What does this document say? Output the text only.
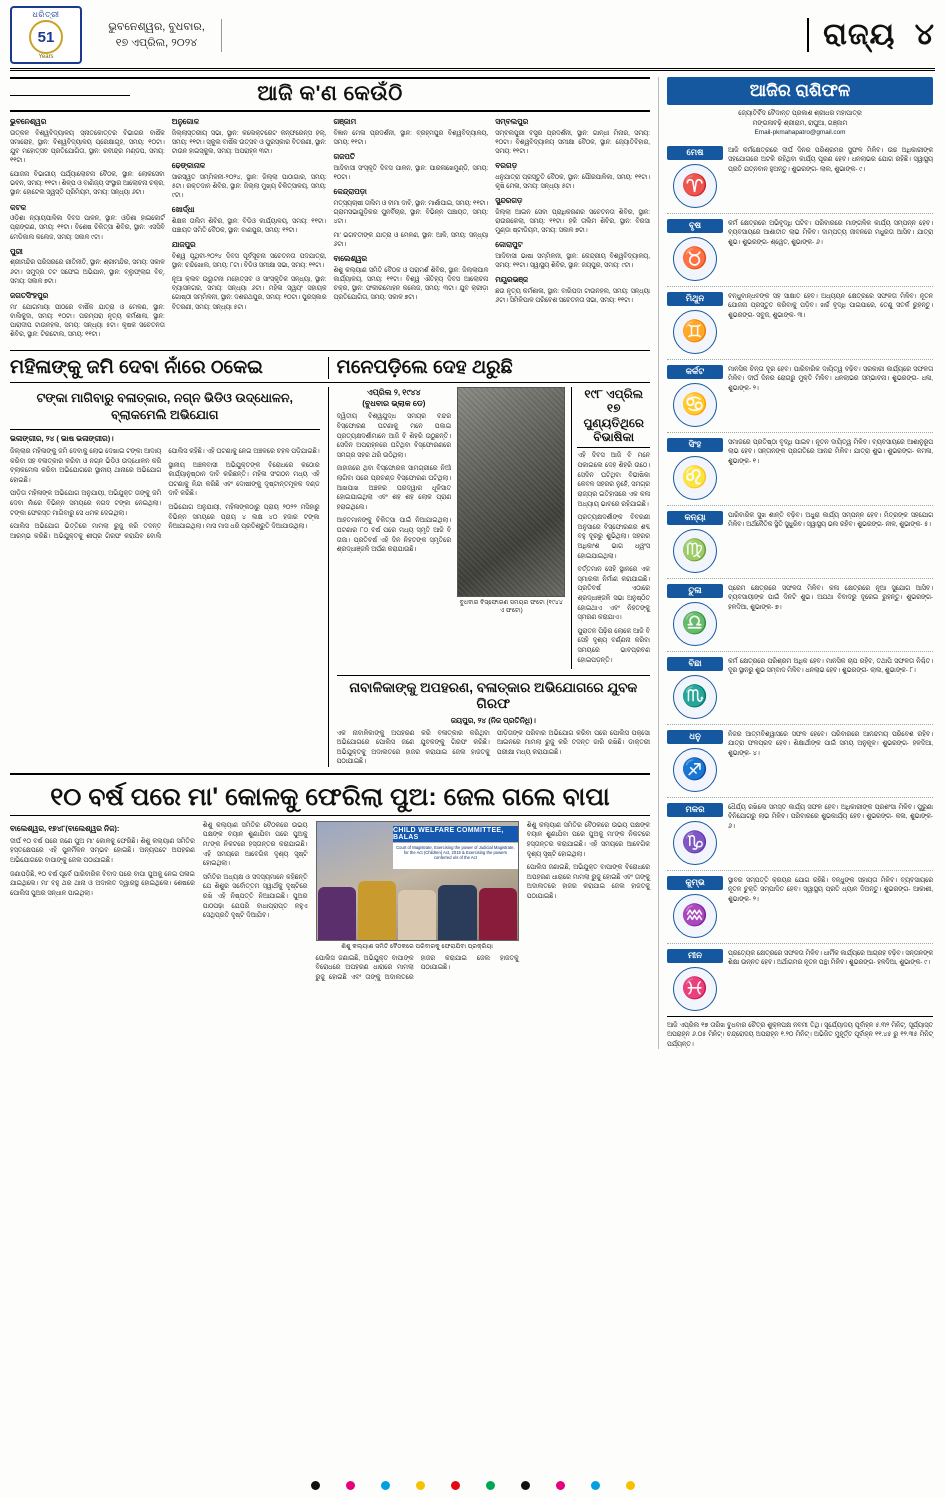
ଧରିତ୍ରୀ
51
Years
ଭୁବନେଶ୍ୱର, ବୁଧବାର,
୧୭ ଏପ୍ରିଲ, ୨୦୨୪	ରାଜ୍ୟ ୪
ଆଜି କ'ଣ କେଉଁଠି
ଭୁବନେଶ୍ୱର

ଉତ୍କଳ ବିଶ୍ୱବିଦ୍ୟାଳୟ ସ୍ନାତକୋତ୍ତର ବିଭାଗର ବାର୍ଷିକ ସମାରୋହ, ସ୍ଥାନ: ବିଶ୍ୱବିଦ୍ୟାଳୟ ପ୍ରେକ୍ଷାଗୃହ, ସମୟ: ୧୦ଟା। ଯୁବ ମହୋତ୍ସବ ପ୍ରତିଯୋଗିତା, ସ୍ଥାନ: ରବୀନ୍ଦ୍ର ମଣ୍ଡପ, ସମୟ: ୧୧ଟା।

ଯୋଜନା ବିଭାଗୀୟ ପର୍ଯ୍ୟାଲୋଚନା ବୈଠକ, ସ୍ଥାନ: ଲୋକସେବା ଭବନ, ସମୟ: ୧୧ଟା। ଶିଳ୍ପ ଓ ବାଣିଜ୍ୟ ସଂସ୍ଥାର ଆଲୋଚନା ଚକ୍ର, ସ୍ଥାନ: ହୋଟେଲ ସ୍ୱସ୍ତି ପ୍ରିମିୟମ, ସମୟ: ସନ୍ଧ୍ୟା ୬ଟା।

କଟକ

ଓଡ଼ିଶା ନ୍ୟାୟପାଳିକା ଦିବସ ପାଳନ, ସ୍ଥାନ: ଓଡ଼ିଶା ହାଇକୋର୍ଟ ପ୍ରାଙ୍ଗଣ, ସମୟ: ୧୧ଟା। ବିଶେଷ ଚିକିତ୍ସା ଶିବିର, ସ୍ଥାନ: ଏସସିବି ମେଡିକାଲ କଲେଜ, ସମୟ: ସକାଳ ୯ଟା।

ପୁରୀ

ଶ୍ରୀମନ୍ଦିର ପରିସରରେ ରୀତିନୀତି, ସ୍ଥାନ: ଶ୍ରୀମନ୍ଦିର, ସମୟ: ସକାଳ ୬ଟା। ସମୁଦ୍ର ତଟ ସଫେଇ ଅଭିଯାନ, ସ୍ଥାନ: ବ୍ଲୁଫ୍ଲାଗ ବିଚ୍, ସମୟ: ସକାଳ ୭ଟା।

ଜଗତସିଂହପୁର

ମା' ଯୋଗମାୟା ପୀଠରେ ବାର୍ଷିକ ଯାତ୍ରା ଓ ମେଳଣ, ସ୍ଥାନ: ବାଲିକୁଦା, ସମୟ: ୧୦ଟା। ପରମ୍ପରା ନୃତ୍ୟ କର୍ମଶାଳା, ସ୍ଥାନ: ପାରାଦୀପ ଟାଉନହଲ, ସମୟ: ସନ୍ଧ୍ୟା ୫ଟା। କୃଷକ ସଚେତନତା ଶିବିର, ସ୍ଥାନ: ଟିରଟୋଲ, ସମୟ: ୧୧ଟା।

ଅନୁଗୋଳ

ଜିଲ୍ଲାସ୍ତରୀୟ ସଭା, ସ୍ଥାନ: କଲେକ୍ଟରେଟ କନ୍‌ଫରେନ୍ସ ହଲ୍‌, ସମୟ: ୧୧ଟା। ସ୍କୁଲ ବାର୍ଷିକ ଉତ୍ସବ ଓ ପୁରସ୍କାର ବିତରଣୀ, ସ୍ଥାନ: ଟାଉନ ହାଇସ୍କୁଲ, ସମୟ: ଅପରାହ୍ନ ୩ଟା।

ଢେଙ୍କାନାଳ

ସାରସ୍ୱତ ସମ୍ମିଳନୀ-୨୦୨୪, ସ୍ଥାନ: ଜିଲ୍ଲା ପାଠାଗାର, ସମୟ: ୫ଟା। ରକ୍ତଦାନ ଶିବିର, ସ୍ଥାନ: ଜିଲ୍ଲା ମୁଖ୍ୟ ଚିକିତ୍ସାଳୟ, ସମୟ: ୯ଟା।

ଖୋର୍ଦ୍ଧା

ଶିକ୍ଷକ ତାଲିମ ଶିବିର, ସ୍ଥାନ: ବିଡିଓ କାର୍ଯ୍ୟାଳୟ, ସମୟ: ୧୧ଟା। ପଞ୍ଚାୟତ ସମିତି ବୈଠକ, ସ୍ଥାନ: ବାଣପୁର, ସମୟ: ୧୨ଟା।

ଯାଜପୁର

ବିଶ୍ୱ ପୃଥିବୀ-୨୦୨୪ ଦିବସ ପୂର୍ବସୂଚନା ସଚେତନତା ପଦଯାତ୍ରା, ସ୍ଥାନ: ଚନ୍ଦିଖୋଲ, ସମୟ: ୮ଟା। ବିଡିଓ ସମୀକ୍ଷା ସଭା, ସମୟ: ୧୧ଟା।

ନୂଆ କ୍ଲବ ଉଦ୍ଘାଟନୀ ମହୋତ୍ସବ ଓ ସାଂସ୍କୃତିକ ସନ୍ଧ୍ୟା, ସ୍ଥାନ: ବ୍ୟାସନଗର, ସମୟ: ସନ୍ଧ୍ୟା ୬ଟା। ମହିଳା ସ୍ୱୟଂ ସହାୟକ ଗୋଷ୍ଠୀ ସମ୍ମିଳନୀ, ସ୍ଥାନ: ଦଶରଥପୁର, ସମୟ: ୧୦ଟା। ପୁରସ୍କାର ବିତରଣୀ, ସମୟ: ସନ୍ଧ୍ୟା ୫ଟା।

ଗଞ୍ଜାମ

ବିଜ୍ଞାନ ମେଳା ପ୍ରଦର୍ଶନୀ, ସ୍ଥାନ: ବ୍ରହ୍ମପୁର ବିଶ୍ୱବିଦ୍ୟାଳୟ, ସମୟ: ୧୧ଟା।

ଗଜପତି

ଆଦିବାସୀ ସଂସ୍କୃତି ଦିବସ ପାଳନ, ସ୍ଥାନ: ପାରଳାଖେମୁଣ୍ଡି, ସମୟ: ୧୦ଟା।

କେନ୍ଦ୍ରାପଡ଼ା

ମତ୍ସ୍ୟଚାଷୀ ତାଲିମ ଓ ବୀମା ଦାବି, ସ୍ଥାନ: ମାର୍ଶାଘାଇ, ସମୟ: ୧୧ଟା। ଗ୍ରାମସଭାଗୁଡ଼ିକର ପୁନର୍ବିଚାର, ସ୍ଥାନ: ବିଭିନ୍ନ ପଞ୍ଚାୟତ, ସମୟ: ୪ଟା।

ମା' ଭଗବତୀଙ୍କ ଯାତ୍ରା ଓ ମେଳଣ, ସ୍ଥାନ: ଆଳି, ସମୟ: ସନ୍ଧ୍ୟା ୬ଟା।

ବାଲେଶ୍ୱର

ଶିଶୁ କଲ୍ୟାଣ ସମିତି ବୈଠକ ଓ ପରାମର୍ଶ ଶିବିର, ସ୍ଥାନ: ଜିଲ୍ଲାପାଳ କାର୍ଯ୍ୟାଳୟ, ସମୟ: ୧୧ଟା। ବିଶ୍ୱ ଐତିହ୍ୟ ଦିବସ ଆଲୋଚନା ଚକ୍ର, ସ୍ଥାନ: ଫକୀରମୋହନ କଲେଜ, ସମୟ: ୩ଟା। ଯୁବ କ୍ରୀଡ଼ା ପ୍ରତିଯୋଗିତା, ସମୟ: ସକାଳ ୭ଟା।

ସମ୍ବଲପୁର

ସମ୍ବଲପୁରୀ ବସ୍ତ୍ର ପ୍ରଦର୍ଶନୀ, ସ୍ଥାନ: ଗାନ୍ଧୀ ମିନାର, ସମୟ: ୧୦ଟା। ବିଶ୍ୱବିଦ୍ୟାଳୟ ସମୀକ୍ଷା ବୈଠକ, ସ୍ଥାନ: ଜ୍ୟୋତିବିହାର, ସମୟ: ୧୧ଟା।

ବରଗଡ଼

ଧନୁଯାତ୍ରା ପ୍ରସ୍ତୁତି ବୈଠକ, ସ୍ଥାନ: ପୌରପାଳିକା, ସମୟ: ୧୧ଟା। କୃଷି ମେଳା, ସମୟ: ସନ୍ଧ୍ୟା ୫ଟା।

ସୁନ୍ଦରଗଡ଼

ଜିଲ୍ଲା ଆଇନ ସେବା ପ୍ରାଧିକରଣର ସଚେତନତା ଶିବିର, ସ୍ଥାନ: ରାଉରକେଲା, ସମୟ: ୧୧ଟା। ହକି ତାଲିମ ଶିବିର, ସ୍ଥାନ: ବିରସା ମୁଣ୍ଡା ଷ୍ଟାଡିୟମ, ସମୟ: ସକାଳ ୭ଟା।

କୋରାପୁଟ

ଆଦିବାସୀ ଭାଷା ସମ୍ମିଳନୀ, ସ୍ଥାନ: କେନ୍ଦ୍ରୀୟ ବିଶ୍ୱବିଦ୍ୟାଳୟ, ସମୟ: ୧୧ଟା। ସ୍ୱାସ୍ଥ୍ୟ ଶିବିର, ସ୍ଥାନ: ଜୟପୁର, ସମୟ: ୯ଟା।

ମୟୂରଭଞ୍ଜ

ଛଉ ନୃତ୍ୟ କର୍ମଶାଳା, ସ୍ଥାନ: ବାରିପଦା ଟାଉନହଲ, ସମୟ: ସନ୍ଧ୍ୟା ୬ଟା। ସିମିଳିପାଳ ପରିବେଶ ସଚେତନତା ସଭା, ସମୟ: ୧୧ଟା।

ମହିଳାଙ୍କୁ ଜମି ଦେବା ନାଁରେ ଠକେଇ	ମନେପଡ଼ିଲେ ଦେହ ଥରୁଛି
ଟଙ୍କା ମାଗିବାରୁ ବଳାତ୍କାର, ନଗ୍ନ ଭିଡିଓ ଉଦ୍ଧୋଳନ, ବ୍ଲାକମେଲି ଅଭିଯୋଗ
ଭଳାଙ୍ଗୀର, ୨୪ ( ଭାଷ ଭଳାଙ୍ଗୀର)।

ଜିଲ୍ଲାର ମହିଳାଙ୍କୁ ଜମି ଦେବାକୁ ଲୋଭ ଦେଖାଇ ଟଙ୍କା ଆଦାୟ କରିବା ସହ ବଳାତ୍କାର କରିବା ଓ ନଗ୍ନ ଭିଡିଓ ଉଦ୍ଧୋଳନ କରି ବ୍ଲାକମେଲ କରିବା ଅଭିଯୋଗରେ ସ୍ଥାନୀୟ ଥାନାରେ ଅଭିଯୋଗ ହୋଇଛି।

ପୀଡ଼ିତା ମହିଳାଙ୍କ ଅଭିଯୋଗ ଅନୁଯାୟୀ, ଅଭିଯୁକ୍ତ ତାଙ୍କୁ ଜମି ଦେବା ନାଁରେ ବିଭିନ୍ନ ସମୟରେ ନଗଦ ଟଙ୍କା ନେଇଥିଲା। ଟଙ୍କା ଫେରସ୍ତ ମାଗିବାରୁ ସେ ଧମକ ଦେଇଥିଲା।

ପୋଲିସ ଅଭିଯୋଗ ଭିତ୍ତିରେ ମାମଲା ରୁଜୁ କରି ତଦନ୍ତ ଆରମ୍ଭ କରିଛି। ଅଭିଯୁକ୍ତକୁ ଶୀଘ୍ର ଗିରଫ କରାଯିବ ବୋଲି ପୋଲିସ କହିଛି। ଏହି ଘଟଣାକୁ ନେଇ ଅଞ୍ଚଳରେ ଚହଳ ପଡ଼ିଯାଇଛି।

ସ୍ଥାନୀୟ ଅଞ୍ଚଳବାସୀ ଅଭିଯୁକ୍ତଙ୍କ ବିରୋଧରେ କଠୋର କାର୍ଯ୍ୟାନୁଷ୍ଠାନ ଦାବି କରିଛନ୍ତି। ମହିଳା ସଂଗଠନ ମଧ୍ୟ ଏହି ଘଟଣାକୁ ନିନ୍ଦା କରିଛି ଏବଂ ଦୋଷୀଙ୍କୁ ଦୃଷ୍ଟାନ୍ତମୂଳକ ଦଣ୍ଡ ଦାବି କରିଛି।

ଅଭିଯୋଗ ଅନୁଯାୟୀ, ମହିଳାଙ୍କଠାରୁ ପ୍ରାୟ ୨୦୨୨ ମସିହାରୁ ବିଭିନ୍ନ ସମୟରେ ପ୍ରାୟ ୪ ଲକ୍ଷ ୪୦ ହଜାର ଟଙ୍କା ନିଆଯାଇଥିଲା। ମାସ ମାସ ଧରି ପ୍ରତିଶ୍ରୁତି ଦିଆଯାଉଥିଲା।

ଏପ୍ରିଲ ୨, ୧୯୪୪
(ବୁଧବାର ଭ୍ଲାକ ଡେ)

ଦ୍ୱିତୀୟ ବିଶ୍ୱଯୁଦ୍ଧ ସମୟର ବନ୍ଦର ବିସ୍ଫୋରଣ ଘଟଣାକୁ ମନେ ପକାଇ ପ୍ରତ୍ୟକ୍ଷଦର୍ଶୀମାନେ ଆଜି ବି ଶିହରି ଉଠୁଛନ୍ତି। ସେଦିନ ଅପରାହ୍ନରେ ଘଟିଥିବା ବିସ୍ଫୋରଣରେ ସମଗ୍ର ସହର ଥରି ଉଠିଥିଲା।

ଜାହାଜରେ ଥିବା ବିସ୍ଫୋରକ ସାମଗ୍ରୀରେ ନିଆଁ ଲାଗିବା ପରେ ପ୍ରଚଣ୍ଡ ବିସ୍ଫୋରଣ ଘଟିଥିଲା। ଆଖପାଖ ଅଞ୍ଚଳର ଘରଦ୍ୱାର ଧୂଳିସାତ ହୋଇଯାଇଥିଲା ଏବଂ ଶହ ଶହ ଲୋକ ପ୍ରାଣ ହରାଇଥିଲେ।

ଆହତମାନଙ୍କୁ ଚିକିତ୍ସା ପାଇଁ ନିଆଯାଇଥିଲା। ଘଟଣାର ୮୦ ବର୍ଷ ପରେ ମଧ୍ୟ ସ୍ମୃତି ଆଜି ବି ତାଜା। ପ୍ରତିବର୍ଷ ଏହି ଦିନ ନିହତଙ୍କ ସ୍ମୃତିରେ ଶ୍ରଦ୍ଧାଞ୍ଜଳି ଅର୍ପଣ କରାଯାଉଛି।

ବୁଧବାର ବିସ୍ଫୋରଣ ସମୟର ଫଟୋ (୧୯୪୪ ଏ ଫଟୋ)
୧୯୮ ଏପ୍ରିଲ ୧୭ ପୁଣ୍ୟତିଥିରେ ବିଭାଷିକା

ଏହି ଦିବସ ଆଜି ବି ମନେ ପକାଇଲେ ଦେହ ଶିହରି ଉଠେ। ସେଦିନ ଘଟିଥିବା ବିଭୀଷିକା କେବଳ ସହରର ନୁହେଁ, ସମଗ୍ର ରାଜ୍ୟର ଇତିହାସରେ ଏକ କଳା ଅଧ୍ୟାୟ ଭାବରେ ରହିଯାଇଛି।

ପ୍ରତ୍ୟକ୍ଷଦର୍ଶୀଙ୍କ ବିବରଣୀ ଅନୁସାରେ ବିସ୍ଫୋରଣର ଶବ୍ଦ ବହୁ ଦୂରରୁ ଶୁଭିଥିଲା। ସହରର ଅଧିକାଂଶ ଭାଗ ଧ୍ୱଂସ ହୋଇଯାଇଥିଲା।

ବର୍ତ୍ତମାନ ସେହି ସ୍ଥାନରେ ଏକ ସ୍ମାରକୀ ନିର୍ମାଣ କରାଯାଇଛି। ପ୍ରତିବର୍ଷ ଏଠାରେ ଶ୍ରଦ୍ଧାଞ୍ଜଳି ସଭା ଅନୁଷ୍ଠିତ ହୋଇଥାଏ ଏବଂ ନିହତଙ୍କୁ ସ୍ମରଣ କରାଯାଏ।

ପୁରାତନ ପିଢ଼ିର ଲୋକେ ଆଜି ବି ସେହି ଦୃଶ୍ୟ ବର୍ଣ୍ଣନା କରିବା ସମୟରେ ଭାବପ୍ରବଣ ହୋଇପଡ଼ନ୍ତି।

ନାବାଳିକାଙ୍କୁ ଅପହରଣ, ବଳାତ୍କାର ଅଭିଯୋଗରେ ଯୁବକ ଗିରଫ
ଜୟପୁର, ୨୪ (ନିଜ ପ୍ରତିନିଧି)।

ଏକ ନାବାଳିକାଙ୍କୁ ଅପହରଣ କରି ବଳାତ୍କାର କରିଥିବା ଅଭିଯୋଗରେ ପୋଲିସ ଜଣେ ଯୁବକଙ୍କୁ ଗିରଫ କରିଛି। ଅଭିଯୁକ୍ତକୁ ଅଦାଲତରେ ହାଜର କରାଯାଇ ଜେଲ ହାଜତକୁ ପଠାଯାଇଛି।

ପୀଡ଼ିତାଙ୍କ ପରିବାର ଅଭିଯୋଗ କରିବା ପରେ ପୋଲିସ ପକ୍ସୋ ଆଇନରେ ମାମଲା ରୁଜୁ କରି ତଦନ୍ତ ଜାରି ରଖିଛି। ଡାକ୍ତରୀ ପରୀକ୍ଷା ମଧ୍ୟ କରାଯାଇଛି।

୧୦ ବର୍ଷ ପରେ ମା' କୋଳକୁ ଫେରିଲା ପୁଅ: ଜେଲ ଗଲେ ବାପା
ବାଲେଶ୍ୱର, ୧୭୪୮(ବାଲେଶ୍ୱର ନିଜ):

ଦୀର୍ଘ ୧୦ ବର୍ଷ ପରେ ଜଣେ ପୁଅ ମା' କୋଳକୁ ଫେରିଛି। ଶିଶୁ କଲ୍ୟାଣ ସମିତିର ହସ୍ତକ୍ଷେପରେ ଏହି ପୁନର୍ମିଳନ ସମ୍ଭବ ହୋଇଛି। ଅନ୍ୟପଟେ ଅପହରଣ ଅଭିଯୋଗରେ ବାପାଙ୍କୁ ଜେଲ ପଠାଯାଇଛି।

ଜଣାପଡ଼ିଛି, ୧୦ ବର୍ଷ ପୂର୍ବେ ପାରିବାରିକ ବିବାଦ ପରେ ବାପା ପୁଅକୁ ନେଇ ପଳାଇ ଯାଇଥିଲେ। ମା' ବହୁ ଥର ଥାନା ଓ ଅଦାଲତ ଦ୍ୱାରସ୍ଥ ହୋଇଥିଲେ। ଶେଷରେ ପୋଲିସ ପୁଅର ସନ୍ଧାନ ପାଇଥିଲା।

ଶିଶୁ କଲ୍ୟାଣ ସମିତିର ବୈଠକରେ ଉଭୟ ପକ୍ଷଙ୍କ ବୟାନ ଶୁଣାଯିବା ପରେ ପୁଅକୁ ମା'ଙ୍କ ନିକଟରେ ହସ୍ତାନ୍ତର କରାଯାଇଛି। ଏହି ସମୟରେ ଆବେଗିକ ଦୃଶ୍ୟ ସୃଷ୍ଟି ହୋଇଥିଲା।

ସମିତିର ଅଧ୍ୟକ୍ଷ ଓ ସଦସ୍ୟମାନେ କହିଛନ୍ତି ଯେ ଶିଶୁର ସର୍ବୋତ୍ତମ ସ୍ୱାର୍ଥକୁ ଦୃଷ୍ଟିରେ ରଖି ଏହି ନିଷ୍ପତ୍ତି ନିଆଯାଇଛି। ପୁଅର ପାଠପଢ଼ା ଯେପରି ବାଧାପ୍ରାପ୍ତ ନହୁଏ ସେଥିପ୍ରତି ଦୃଷ୍ଟି ଦିଆଯିବ।

CHILD WELFARE COMMITTEE, BALAS
Court of Magistrate, Exercising the power of Judicial Magistrate, for the Act (Children) Act, 2015 & Exercising the powers conferred u/s of the Act
ଶିଶୁ କଲ୍ୟାଣ ସମିତି ବୈଠକରେ ପରିବାରକୁ ଫେରାଯିବା ପ୍ରକ୍ରିୟା

ପୋଲିସ ଜଣାଇଛି, ଅଭିଯୁକ୍ତ ବାପାଙ୍କ ବିରୋଧରେ ଅପହରଣ ଧାରାରେ ମାମଲା ରୁଜୁ ହୋଇଛି ଏବଂ ତାଙ୍କୁ ଅଦାଲତରେ ହାଜର କରାଯାଇ ଜେଲ ହାଜତକୁ ପଠାଯାଇଛି।

ଶିଶୁ କଲ୍ୟାଣ ସମିତିର ବୈଠକରେ ଉଭୟ ପକ୍ଷଙ୍କ ବୟାନ ଶୁଣାଯିବା ପରେ ପୁଅକୁ ମା'ଙ୍କ ନିକଟରେ ହସ୍ତାନ୍ତର କରାଯାଇଛି। ଏହି ସମୟରେ ଆବେଗିକ ଦୃଶ୍ୟ ସୃଷ୍ଟି ହୋଇଥିଲା।

ପୋଲିସ ଜଣାଇଛି, ଅଭିଯୁକ୍ତ ବାପାଙ୍କ ବିରୋଧରେ ଅପହରଣ ଧାରାରେ ମାମଲା ରୁଜୁ ହୋଇଛି ଏବଂ ତାଙ୍କୁ ଅଦାଲତରେ ହାଜର କରାଯାଇ ଜେଲ ହାଜତକୁ ପଠାଯାଇଛି।

ଆଜିର ରାଶିଫଳ
ଜ୍ୟୋତିର୍ବିଦ ବୈଦାନ୍ତ ପ୍ରକାଶ ଶ୍ରୀଧର ମହାପାତ୍ର
ମଙ୍ଗଳାବଢ଼ି ଶ୍ରୀରାମ, ରାଘୁଆ, ଗଞ୍ଜାମ
Email-pkmahapatro@gmail.com
ମେଷ
♈
ଆଜି କର୍ମକ୍ଷେତ୍ରରେ ଦୀର୍ଘ ଦିନର ପରିଶ୍ରମର ସୁଫଳ ମିଳିବ। ଉଚ୍ଚ ଅଧିକାରୀଙ୍କ ସହଯୋଗରେ ଅଟକି ରହିଥିବା କାର୍ଯ୍ୟ ପୂରଣ ହେବ। ଧନଲାଭର ଯୋଗ ରହିଛି। ସ୍ୱାସ୍ଥ୍ୟ ପ୍ରତି ଯତ୍ନବାନ ହୁଅନ୍ତୁ। ଶୁଭରଙ୍ଗ- ଲାଲ, ଶୁଭାଙ୍କ- ୯।
ବୃଷ
♉
କର୍ମ କ୍ଷେତ୍ରରେ ଅଭିବୃଦ୍ଧି ଘଟିବ। ପରିବାରରେ ମାଙ୍ଗଳିକ କାର୍ଯ୍ୟ ସମ୍ପନ୍ନ ହେବ। ବ୍ୟବସାୟରେ ଆଶାତୀତ ଲାଭ ମିଳିବ। ଦାମ୍ପତ୍ୟ ଜୀବନରେ ମଧୁରତା ଆସିବ। ଯାତ୍ରା ଶୁଭ। ଶୁଭରଙ୍ଗ- ଶ୍ୱେତ, ଶୁଭାଙ୍କ- ୬।
ମିଥୁନ
♊
ବନ୍ଧୁବାନ୍ଧବଙ୍କ ସହ ସାକ୍ଷାତ ହେବ। ଅଧ୍ୟୟନ କ୍ଷେତ୍ରରେ ସଫଳତା ମିଳିବ। ନୂତନ ଯୋଜନା ପ୍ରସ୍ତୁତ କରିବାକୁ ପଡ଼ିବ। ଖର୍ଚ୍ଚ ବୃଦ୍ଧି ପାଇପାରେ, ତେଣୁ ସତର୍କ ରୁହନ୍ତୁ। ଶୁଭରଙ୍ଗ- ସବୁଜ, ଶୁଭାଙ୍କ- ୩।
କର୍କଟ
♋
ମାନସିକ ଚିନ୍ତା ଦୂର ହେବ। ପାରିବାରିକ ଦାୟିତ୍ୱ ବଢ଼ିବ। ସରକାରୀ କାର୍ଯ୍ୟରେ ସଫଳତା ମିଳିବ। ଦୀର୍ଘ ଦିନର ରୋଗରୁ ମୁକ୍ତି ମିଳିବ। ଧନଲାଭର ସମ୍ଭାବନା। ଶୁଭରଙ୍ଗ- ଧଳା, ଶୁଭାଙ୍କ- ୨।
ସିଂହ
♌
ସମାଜରେ ପ୍ରତିଷ୍ଠା ବୃଦ୍ଧି ପାଇବ। ନୂତନ ଦାୟିତ୍ୱ ମିଳିବ। ବ୍ୟବସାୟରେ ଆଶାନୁରୂପ ଲାଭ ହେବ। ସନ୍ତାନଙ୍କ ପ୍ରଗତିରେ ଆନନ୍ଦ ମିଳିବ। ଯାତ୍ରା ଶୁଭ। ଶୁଭରଙ୍ଗ- କମଳା, ଶୁଭାଙ୍କ- ୧।
କନ୍ୟା
♍
ପାରିବାରିକ ସୁଖ ଶାନ୍ତି ବଢ଼ିବ। ଅଧୁରା କାର୍ଯ୍ୟ ସମ୍ପନ୍ନ ହେବ। ମିତ୍ରଙ୍କ ସହଯୋଗ ମିଳିବ। ଅର୍ଥନୈତିକ ସ୍ଥିତି ସୁଧୁରିବ। ସ୍ୱାସ୍ଥ୍ୟ ଭଲ ରହିବ। ଶୁଭରଙ୍ଗ- ନୀଳ, ଶୁଭାଙ୍କ- ୫।
ତୁଳା
♎
ପ୍ରେମ କ୍ଷେତ୍ରରେ ସଫଳତା ମିଳିବ। କଳା କ୍ଷେତ୍ରରେ ନୂଆ ସୁଯୋଗ ଆସିବ। ବ୍ୟବସାୟୀଙ୍କ ପାଇଁ ଦିନଟି ଶୁଭ। ଅଯଥା ବିବାଦରୁ ଦୂରେଇ ରୁହନ୍ତୁ। ଶୁଭରଙ୍ଗ- ହଳଦିଆ, ଶୁଭାଙ୍କ- ୭।
ବିଛା
♏
କର୍ମ କ୍ଷେତ୍ରରେ ପରିଶ୍ରମ ଅଧିକ ହେବ। ମାନସିକ ଚାପ ରହିବ, ତଥାପି ସଫଳତା ନିଶ୍ଚିତ। ଦୂର ସ୍ଥାନରୁ ଶୁଭ ସମ୍ବାଦ ମିଳିବ। ଧନଲାଭ ହେବ। ଶୁଭରଙ୍ଗ- ଲାଲ, ଶୁଭାଙ୍କ- ୮।
ଧନୁ
♐
ନିଜର ଆତ୍ମବିଶ୍ୱାସରେ ସଫଳ ହେବେ। ପରିବାରରେ ଆନନ୍ଦମୟ ପରିବେଶ ରହିବ। ଯାତ୍ରା ଫଳପ୍ରଦ ହେବ। ଶିକ୍ଷାର୍ଥୀଙ୍କ ପାଇଁ ସମୟ ଅନୁକୂଳ। ଶୁଭରଙ୍ଗ- ହଳଦିଆ, ଶୁଭାଙ୍କ- ୪।
ମକର
♑
ଧୈର୍ଯ୍ୟ ରଖିଲେ ସମସ୍ତ କାର୍ଯ୍ୟ ସଫଳ ହେବ। ଅଧିକାରୀଙ୍କ ପ୍ରଶଂସା ମିଳିବ। ପୁରୁଣା ବିନିଯୋଗରୁ ଲାଭ ମିଳିବ। ପରିବାରରେ ଶୁଭକାର୍ଯ୍ୟ ହେବ। ଶୁଭରଙ୍ଗ- କଳା, ଶୁଭାଙ୍କ- ୬।
କୁମ୍ଭ
♒
ସ୍ଥାବର ସମ୍ପତ୍ତି କ୍ରୟର ଯୋଗ ରହିଛି। ବନ୍ଧୁଙ୍କ ସହାୟତା ମିଳିବ। ବ୍ୟବସାୟରେ ନୂତନ ଚୁକ୍ତି ସମ୍ପାଦିତ ହେବ। ସ୍ୱାସ୍ଥ୍ୟ ପ୍ରତି ଧ୍ୟାନ ଦିଅନ୍ତୁ। ଶୁଭରଙ୍ଗ- ଆକାଶୀ, ଶୁଭାଙ୍କ- ୨।
ମୀନ
♓
ପ୍ରତ୍ୟେକ କ୍ଷେତ୍ରରେ ସଫଳତା ମିଳିବ। ଧାର୍ମିକ କାର୍ଯ୍ୟରେ ଆଗ୍ରହ ବଢ଼ିବ। ସନ୍ତାନଙ୍କ ଶିକ୍ଷା ଉନ୍ନତ ହେବ। ଅର୍ଥାଗମର ନୂତନ ପନ୍ଥା ମିଳିବ। ଶୁଭରଙ୍ଗ- ହଳଦିଆ, ଶୁଭାଙ୍କ- ୯।
ଆଜି ଏପ୍ରିଲ ୧୭ ତାରିଖ ବୁଧବାର ଚୈତ୍ର ଶୁକ୍ଳପକ୍ଷ ନବମୀ ତିଥି। ସୂର୍ଯ୍ୟୋଦୟ ପୂର୍ବାହ୍ନ ୫.୩୨ ମିନିଟ୍, ସୂର୍ଯ୍ୟାସ୍ତ ଅପରାହ୍ନ ୬.୦୫ ମିନିଟ୍। ଚନ୍ଦ୍ରୋଦୟ ଅପରାହ୍ନ ୧.୨୦ ମିନିଟ୍। ଅଭିଜିତ ମୁହୂର୍ତ୍ତ ପୂର୍ବାହ୍ନ ୧୧.୪୫ ରୁ ୧୨.୩୫ ମିନିଟ୍ ପର୍ଯ୍ୟନ୍ତ।
